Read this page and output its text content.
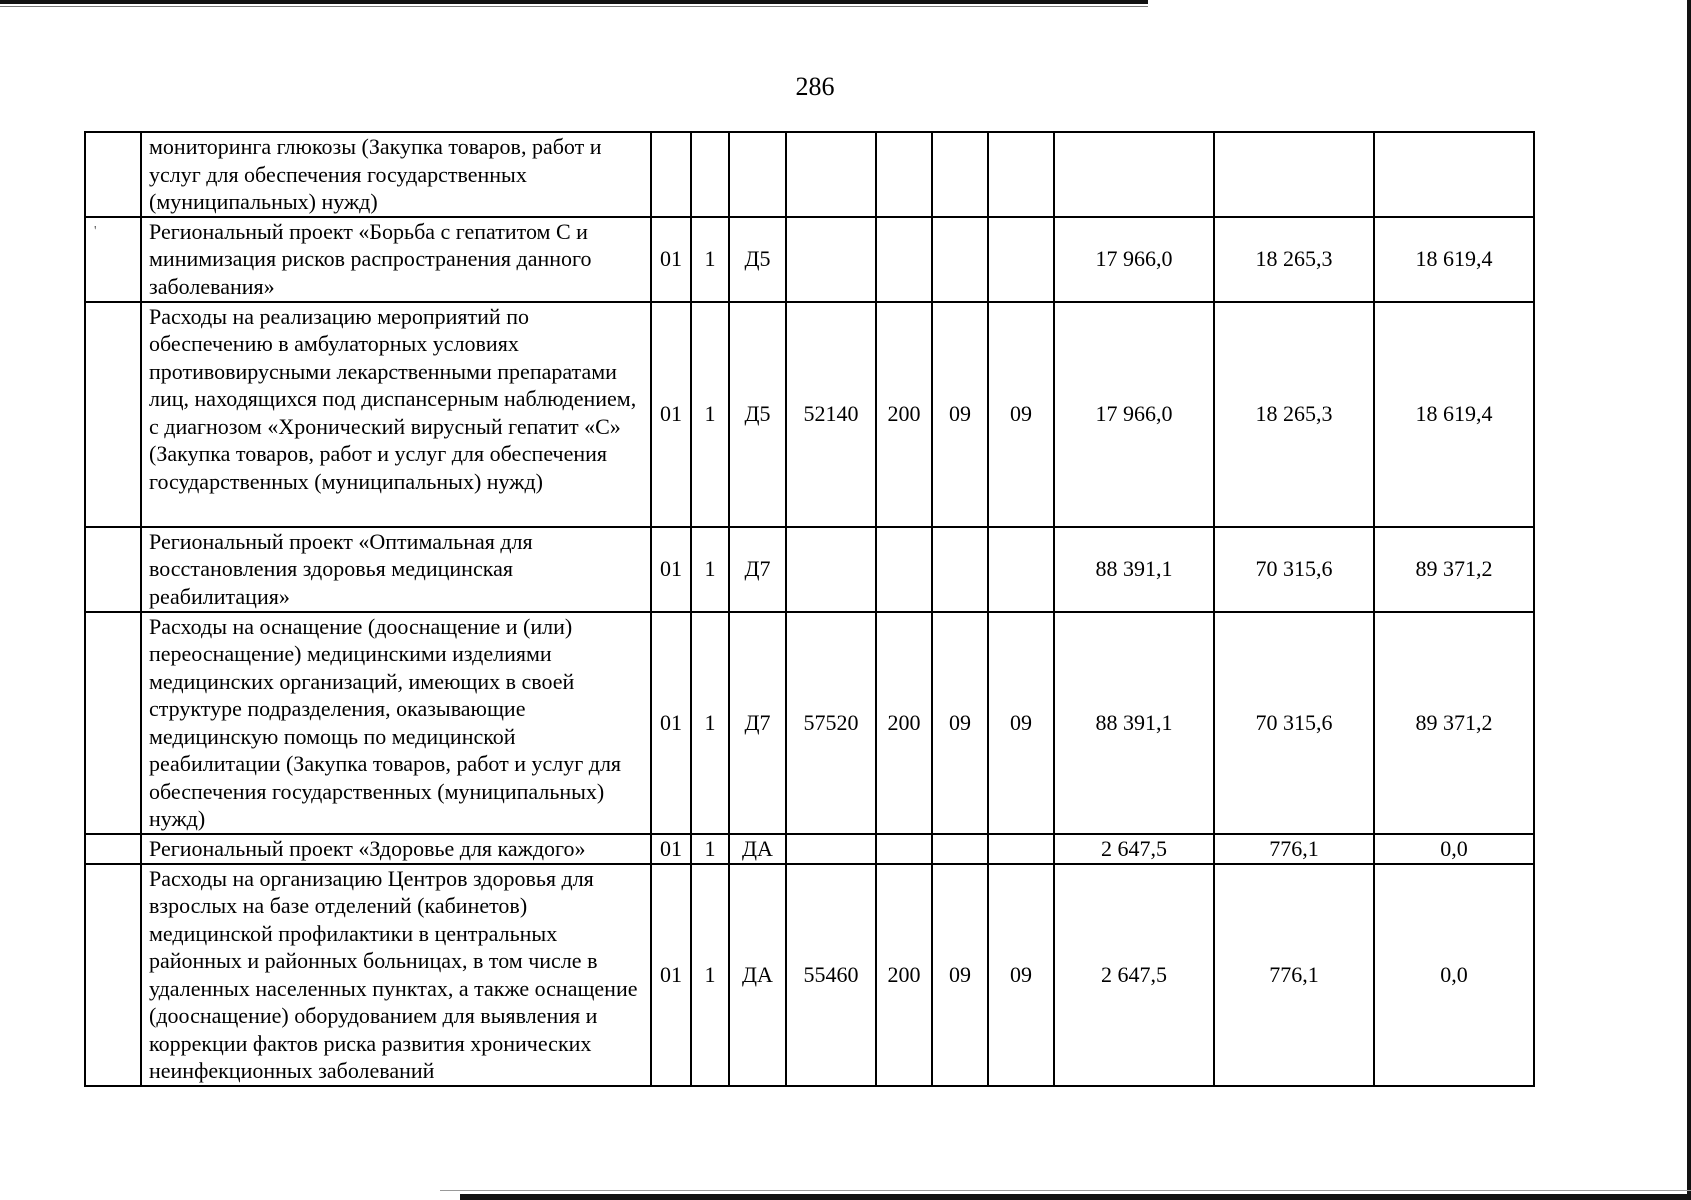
286
	мониторинга глюкозы (Закупка товаров, работ и услуг для обеспечения государственных (муниципальных) нужд)										
'	Региональный проект «Борьба с гепатитом С и минимизация рисков распространения данного заболевания»	01	1	Д5					17 966,0	18 265,3	18 619,4
	Расходы на реализацию мероприятий по обеспечению в амбулаторных условиях противовирусными лекарственными препаратами лиц, находящихся под диспансерным наблюдением, с диагнозом «Хронический вирусный гепатит «С» (Закупка товаров, работ и услуг для обеспечения государственных (муниципальных) нужд)	01	1	Д5	52140	200	09	09	17 966,0	18 265,3	18 619,4
	Региональный проект «Оптимальная для восстановления здоровья медицинская реабилитация»	01	1	Д7					88 391,1	70 315,6	89 371,2
	Расходы на оснащение (дооснащение и (или) переоснащение) медицинскими изделиями медицинских организаций, имеющих в своей структуре подразделения, оказывающие медицинскую помощь по медицинской реабилитации (Закупка товаров, работ и услуг для обеспечения государственных (муниципальных) нужд)	01	1	Д7	57520	200	09	09	88 391,1	70 315,6	89 371,2
	Региональный проект «Здоровье для каждого»	01	1	ДА					2 647,5	776,1	0,0
	Расходы на организацию Центров здоровья для взрослых на базе отделений (кабинетов) медицинской профилактики в центральных районных и районных больницах, в том числе в удаленных населенных пунктах, а также оснащение (дооснащение) оборудованием для выявления и коррекции фактов риска развития хронических неинфекционных заболеваний	01	1	ДА	55460	200	09	09	2 647,5	776,1	0,0
